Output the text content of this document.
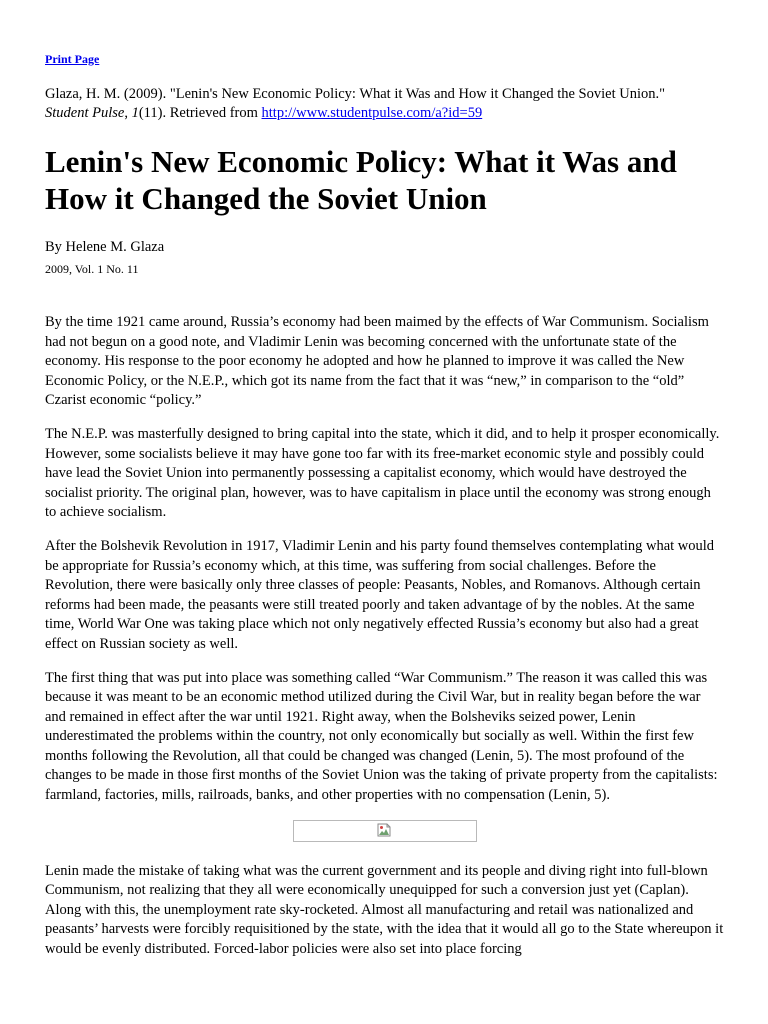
Print Page
Glaza, H. M. (2009). "Lenin's New Economic Policy: What it Was and How it Changed the Soviet Union."
Student Pulse, 1(11). Retrieved from http://www.studentpulse.com/a?id=59
Lenin's New Economic Policy: What it Was and How it Changed the Soviet Union
By Helene M. Glaza
2009, Vol. 1 No. 11

By the time 1921 came around, Russia’s economy had been maimed by the effects of War Communism. Socialism had not begun on a good note, and Vladimir Lenin was becoming concerned with the unfortunate state of the economy. His response to the poor economy he adopted and how he planned to improve it was called the New Economic Policy, or the N.E.P., which got its name from the fact that it was “new,” in comparison to the “old” Czarist economic “policy.”

The N.E.P. was masterfully designed to bring capital into the state, which it did, and to help it prosper economically. However, some socialists believe it may have gone too far with its free-market economic style and possibly could have lead the Soviet Union into permanently possessing a capitalist economy, which would have destroyed the socialist priority. The original plan, however, was to have capitalism in place until the economy was strong enough to achieve socialism.

After the Bolshevik Revolution in 1917, Vladimir Lenin and his party found themselves contemplating what would be appropriate for Russia’s economy which, at this time, was suffering from social challenges. Before the Revolution, there were basically only three classes of people: Peasants, Nobles, and Romanovs. Although certain reforms had been made, the peasants were still treated poorly and taken advantage of by the nobles. At the same time, World War One was taking place which not only negatively effected Russia’s economy but also had a great effect on Russian society as well.

The first thing that was put into place was something called “War Communism.” The reason it was called this was because it was meant to be an economic method utilized during the Civil War, but in reality began before the war and remained in effect after the war until 1921. Right away, when the Bolsheviks seized power, Lenin underestimated the problems within the country, not only economically but socially as well. Within the first few months following the Revolution, all that could be changed was changed (Lenin, 5). The most profound of the changes to be made in those first months of the Soviet Union was the taking of private property from the capitalists: farmland, factories, mills, railroads, banks, and other properties with no compensation (Lenin, 5).

Lenin made the mistake of taking what was the current government and its people and diving right into full-blown Communism, not realizing that they all were economically unequipped for such a conversion just yet (Caplan). Along with this, the unemployment rate sky-rocketed. Almost all manufacturing and retail was nationalized and peasants’ harvests were forcibly requisitioned by the state, with the idea that it would all go to the State whereupon it would be evenly distributed. Forced-labor policies were also set into place forcing
